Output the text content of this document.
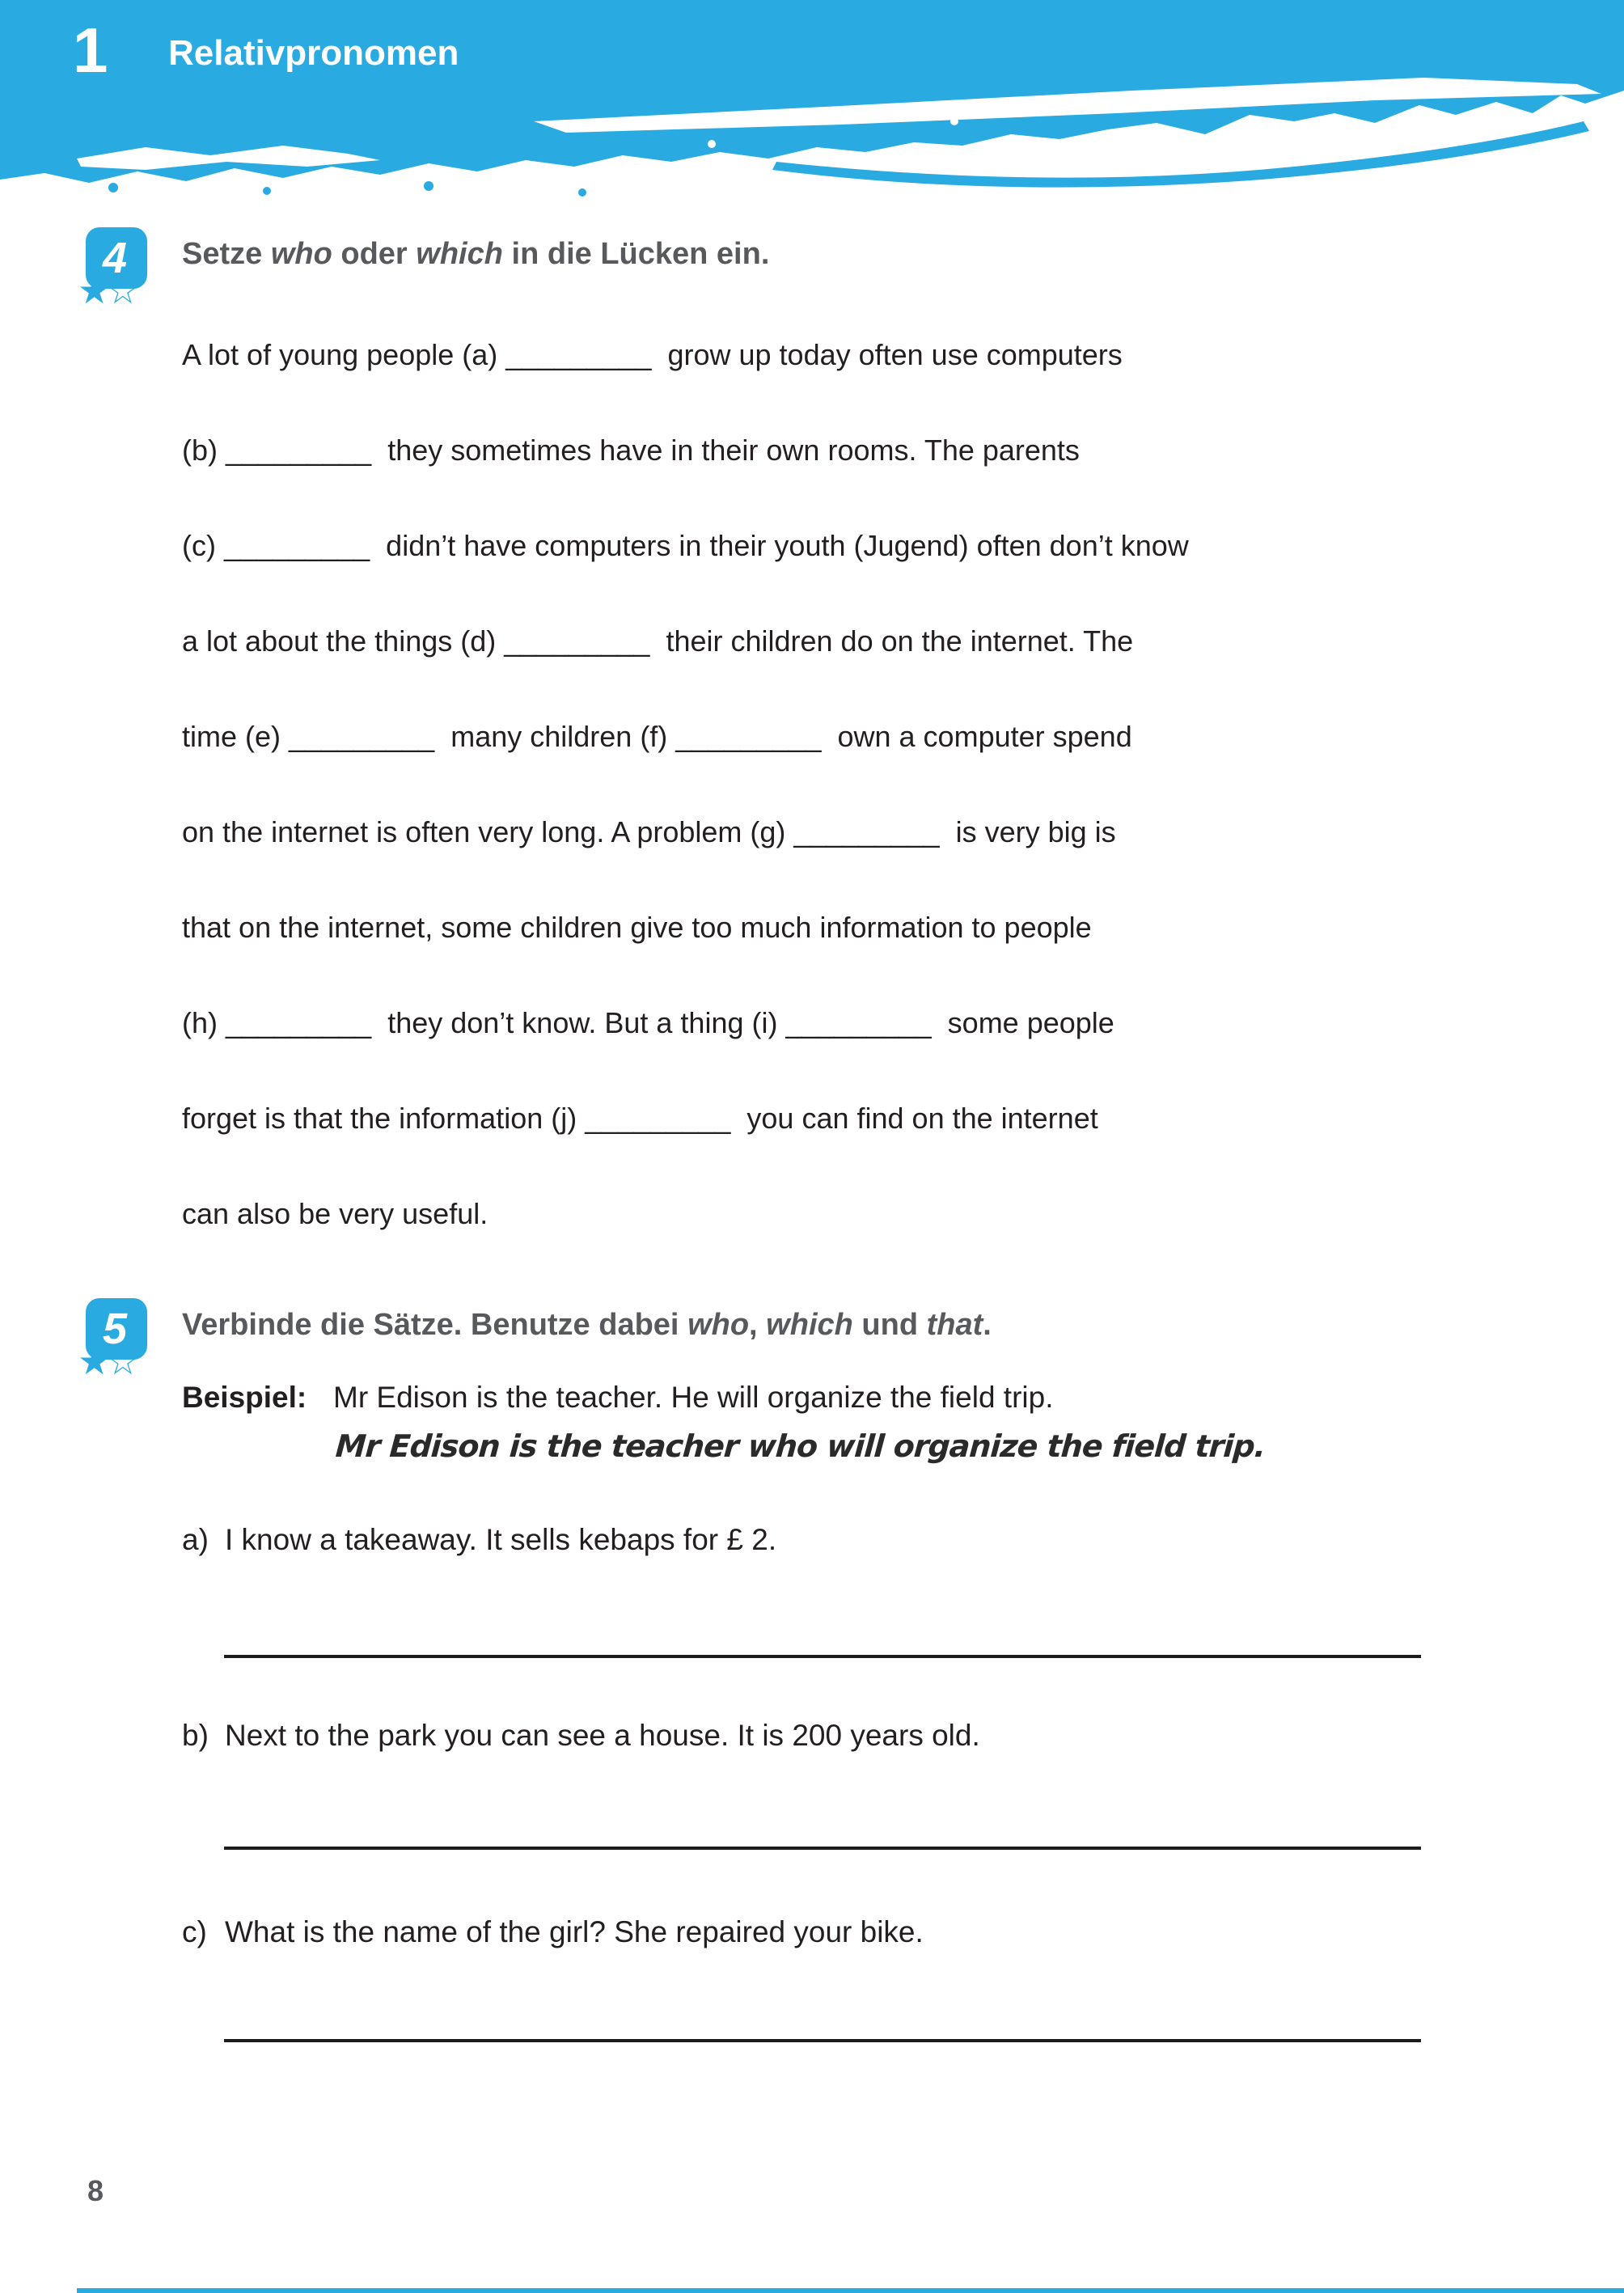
1 Relativpronomen
4
★☆
Setze who oder which in die Lücken ein.
A lot of young people (a) _________  grow up today often use computers
(b) _________  they sometimes have in their own rooms. The parents
(c) _________  didn’t have computers in their youth (Jugend) often don’t know
a lot about the things (d) _________  their children do on the internet. The
time (e) _________  many children (f) _________  own a computer spend
on the internet is often very long. A problem (g) _________  is very big is
that on the internet, some children give too much information to people
(h) _________  they don’t know. But a thing (i) _________  some people
forget is that the information (j) _________  you can find on the internet
can also be very useful.
5
★☆
Verbinde die Sätze. Benutze dabei who, which und that.
Beispiel: Mr Edison is the teacher. He will organize the field trip.
Mr Edison is the teacher who will organize the field trip.
a) I know a takeaway. It sells kebaps for £ 2.
b) Next to the park you can see a house. It is 200 years old.
c) What is the name of the girl? She repaired your bike.
8
